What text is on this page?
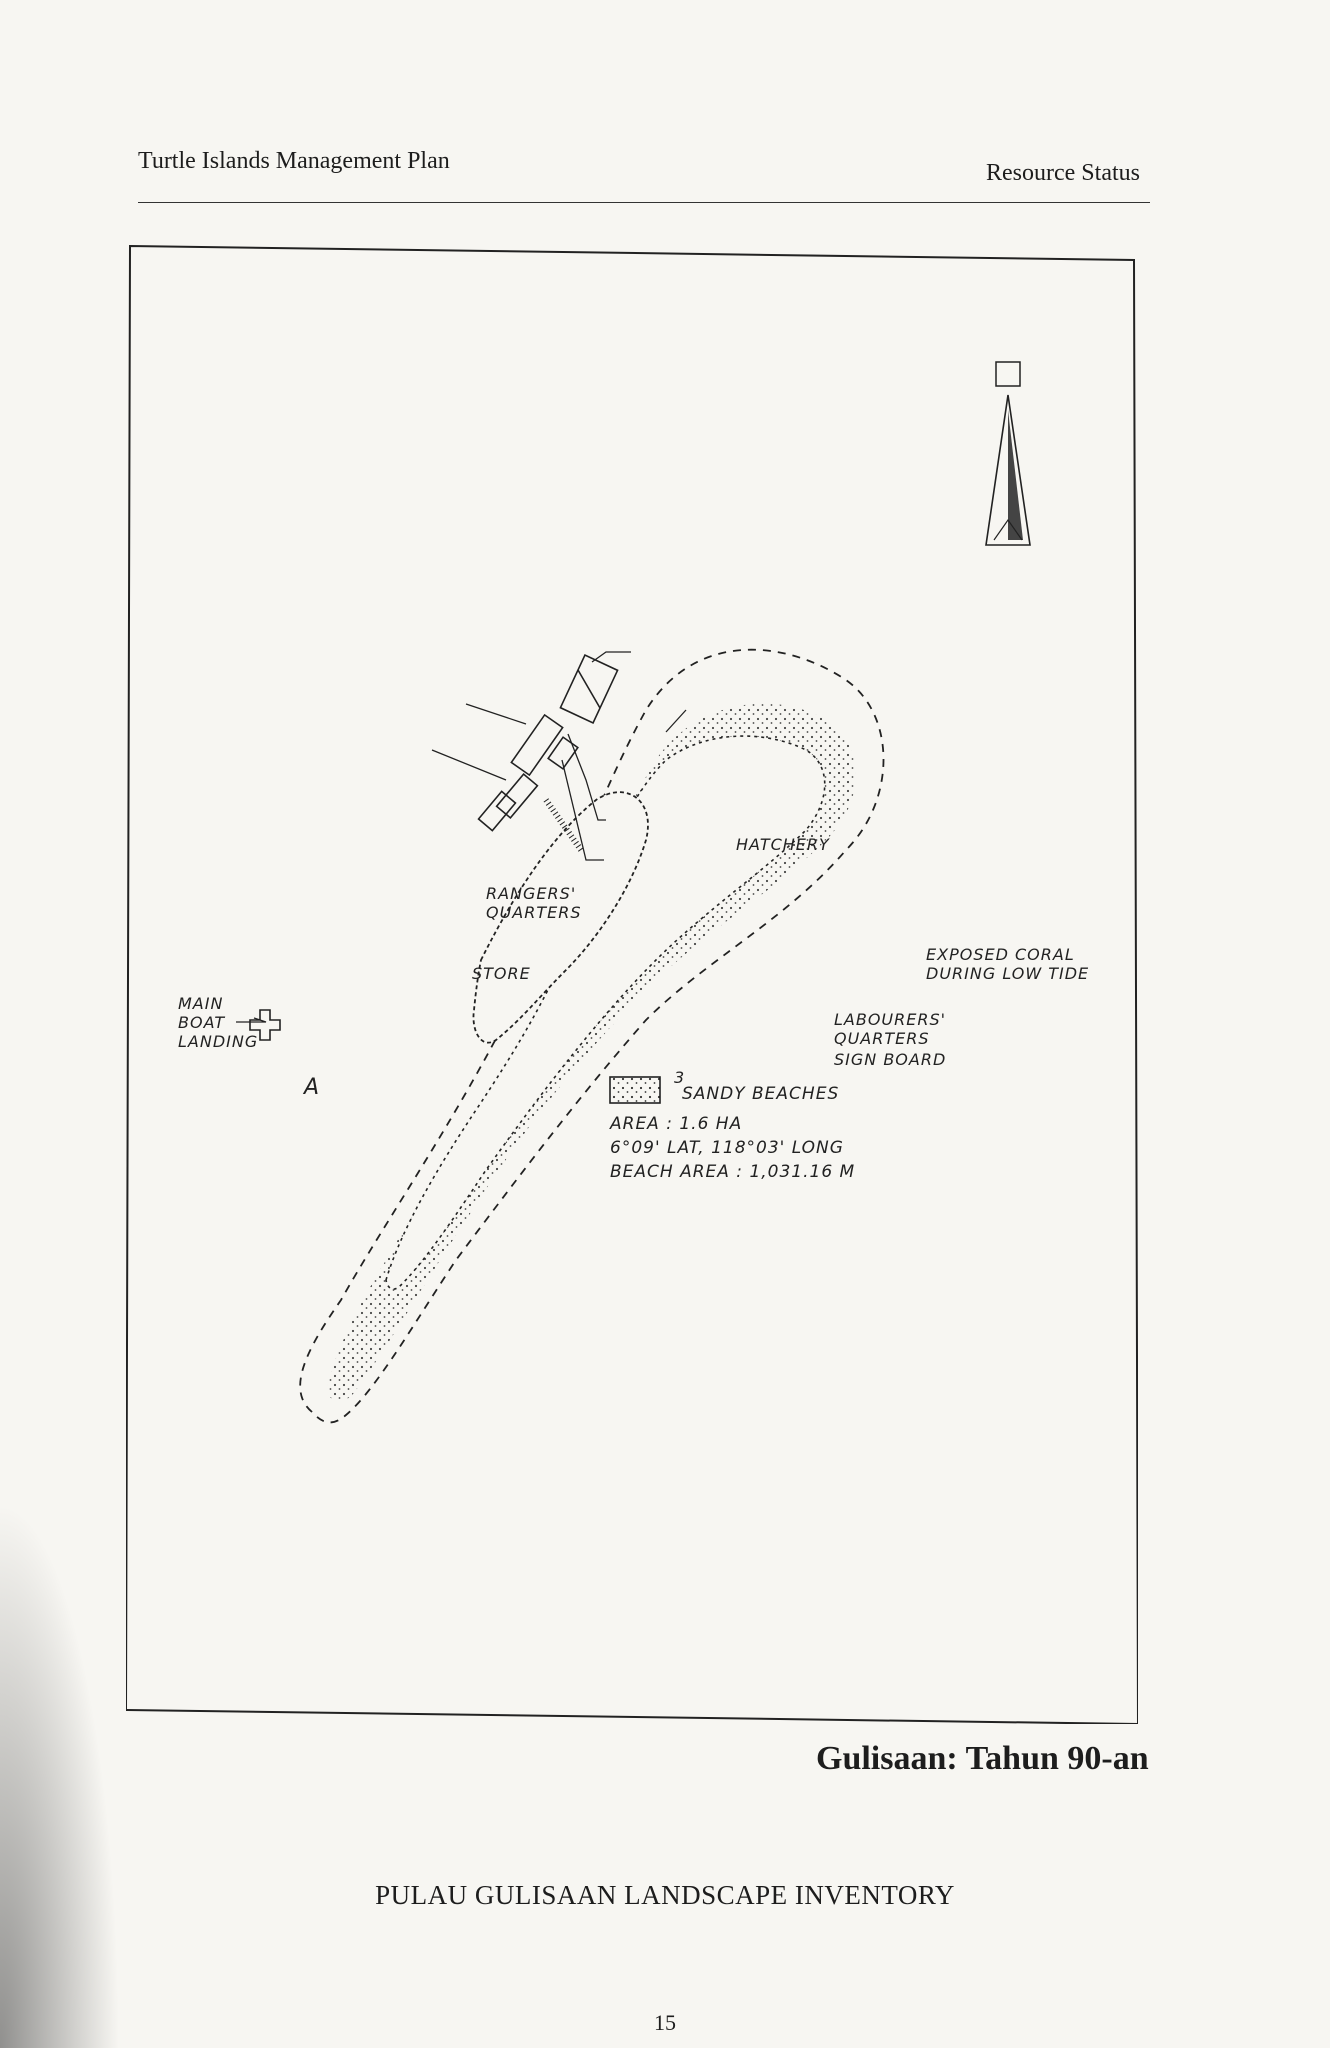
Turtle Islands Management Plan	Resource Status
HATCHERY
RANGERS'
QUARTERS
STORE
EXPOSED CORAL
DURING LOW TIDE
LABOURERS'
QUARTERS
SIGN BOARD
MAIN
BOAT
LANDING
A	3
SANDY BEACHES
AREA : 1.6 HA
6°09' LAT, 118°03' LONG
BEACH AREA : 1,031.16 M
Gulisaan: Tahun 90-an
PULAU GULISAAN LANDSCAPE INVENTORY
15
